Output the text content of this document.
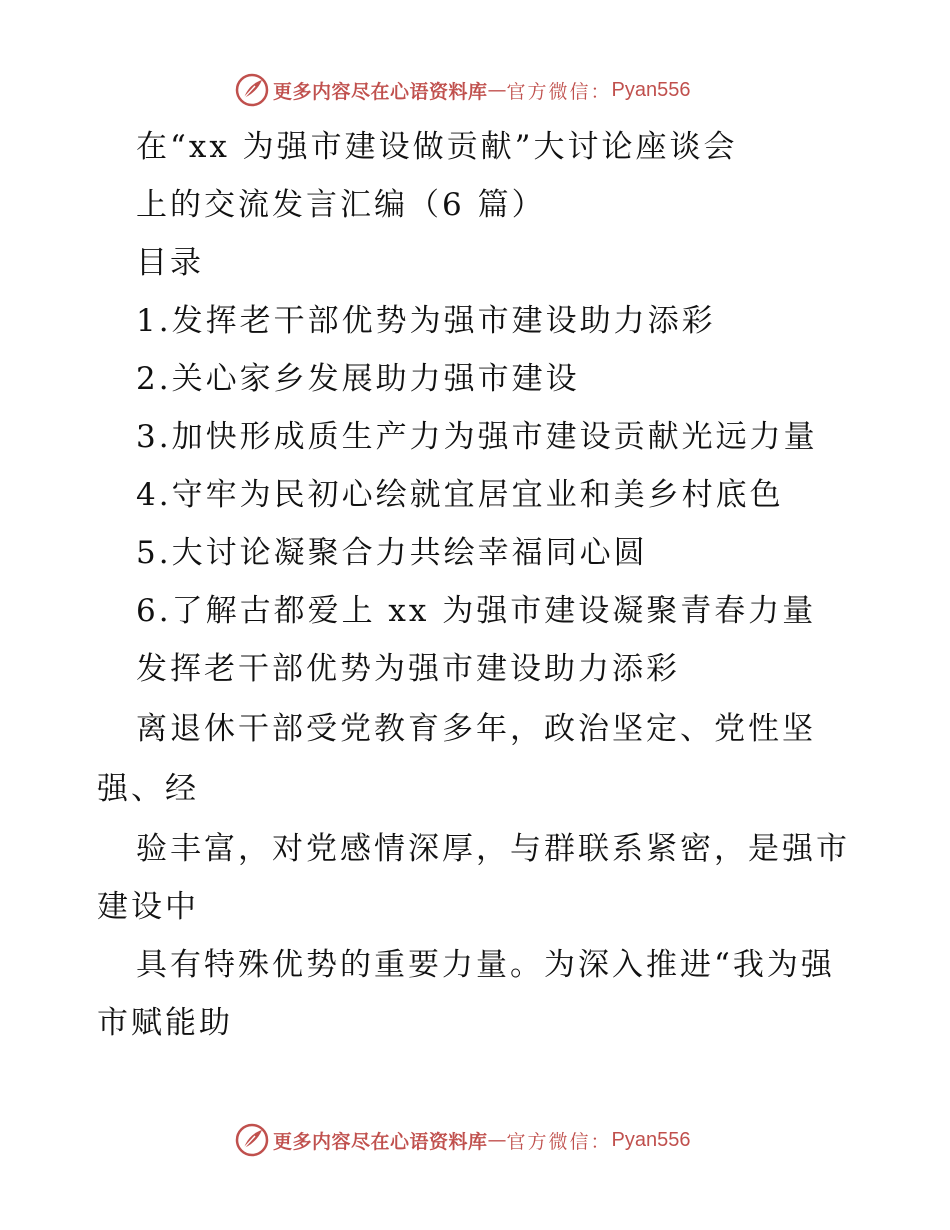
更多内容尽在心语资料库 — 官方微信： Pyan556
在“xx 为强市建设做贡献”大讨论座谈会
上的交流发言汇编（6 篇）
目录
1.发挥老干部优势为强市建设助力添彩
2.关心家乡发展助力强市建设
3.加快形成质生产力为强市建设贡献光远力量
4.守牢为民初心绘就宜居宜业和美乡村底色
5.大讨论凝聚合力共绘幸福同心圆
6.了解古都爱上 xx 为强市建设凝聚青春力量
发挥老干部优势为强市建设助力添彩
离退休干部受党教育多年，政治坚定、党性坚
强、经
验丰富，对党感情深厚，与群联系紧密，是强市
建设中
具有特殊优势的重要力量。为深入推进“我为强
市赋能助
更多内容尽在心语资料库 — 官方微信： Pyan556
